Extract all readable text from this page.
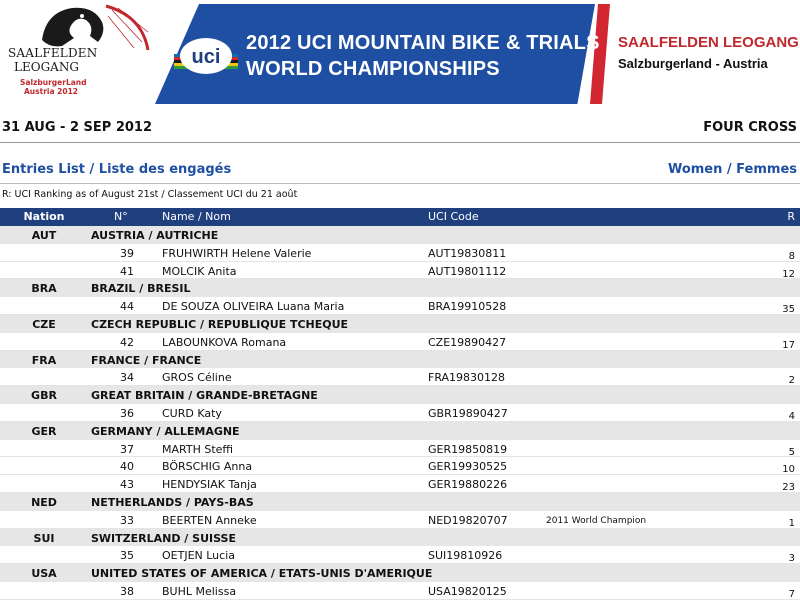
SAALFELDEN
LEOGANG
SalzburgerLand
Austria 2012
uci
2012 UCI MOUNTAIN BIKE & TRIALS
WORLD CHAMPIONSHIPS
SAALFELDEN LEOGANG
Salzburgerland - Austria
31 AUG - 2 SEP 2012	FOUR CROSS
Entries List / Liste des engagés	Women / Femmes
R: UCI Ranking as of August 21st / Classement UCI du 21 août
Nation	N°	Name / Nom	UCI Code	R
AUT	AUSTRIA / AUTRICHE
39	FRUHWIRTH Helene Valerie	AUT19830811	8
41	MOLCIK Anita	AUT19801112	12
BRA	BRAZIL / BRESIL
44	DE SOUZA OLIVEIRA Luana Maria	BRA19910528	35
CZE	CZECH REPUBLIC / REPUBLIQUE TCHEQUE
42	LABOUNKOVA Romana	CZE19890427	17
FRA	FRANCE / FRANCE
34	GROS Céline	FRA19830128	2
GBR	GREAT BRITAIN / GRANDE-BRETAGNE
36	CURD Katy	GBR19890427	4
GER	GERMANY / ALLEMAGNE
37	MARTH Steffi	GER19850819	5
40	BÖRSCHIG Anna	GER19930525	10
43	HENDYSIAK Tanja	GER19880226	23
NED	NETHERLANDS / PAYS-BAS
33	BEERTEN Anneke	NED19820707	2011 World Champion	1
SUI	SWITZERLAND / SUISSE
35	OETJEN Lucia	SUI19810926	3
USA	UNITED STATES OF AMERICA / ETATS-UNIS D'AMERIQUE
38	BUHL Melissa	USA19820125	7
